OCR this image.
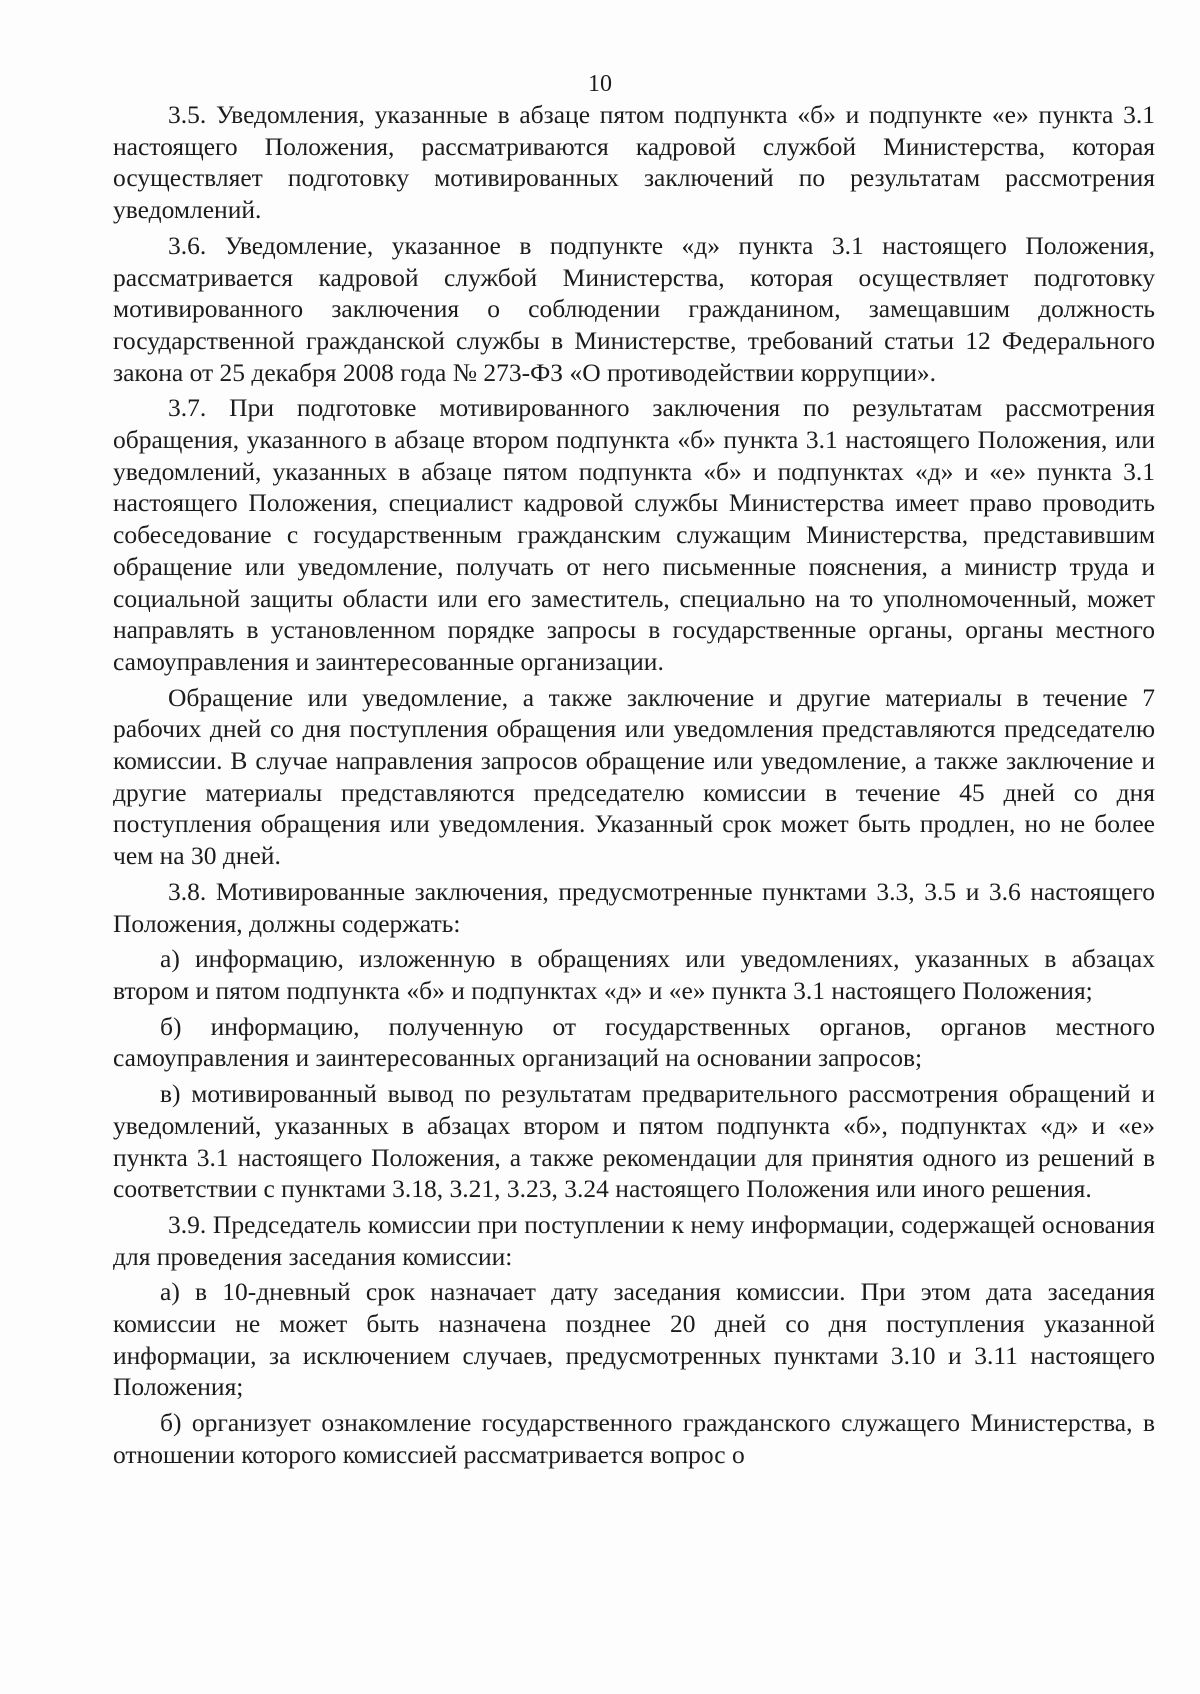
10

3.5. Уведомления, указанные в абзаце пятом подпункта «б» и подпункте «е» пункта 3.1 настоящего Положения, рассматриваются кадровой службой Министерства, которая осуществляет подготовку мотивированных заключений по результатам рассмотрения уведомлений.

3.6. Уведомление, указанное в подпункте «д» пункта 3.1 настоящего Положения, рассматривается кадровой службой Министерства, которая осуществляет подготовку мотивированного заключения о соблюдении гражданином, замещавшим должность государственной гражданской службы в Министерстве, требований статьи 12 Федерального закона от 25 декабря 2008 года № 273-ФЗ «О противодействии коррупции».

3.7. При подготовке мотивированного заключения по результатам рассмотрения обращения, указанного в абзаце втором подпункта «б» пункта 3.1 настоящего Положения, или уведомлений, указанных в абзаце пятом подпункта «б» и подпунктах «д» и «е» пункта 3.1 настоящего Положения, специалист кадровой службы Министерства имеет право проводить собеседование с государственным гражданским служащим Министерства, представившим обращение или уведомление, получать от него письменные пояснения, а министр труда и социальной защиты области или его заместитель, специально на то уполномоченный, может направлять в установленном порядке запросы в государственные органы, органы местного самоуправления и заинтересованные организации.

Обращение или уведомление, а также заключение и другие материалы в течение 7 рабочих дней со дня поступления обращения или уведомления представляются председателю комиссии. В случае направления запросов обращение или уведомление, а также заключение и другие материалы представляются председателю комиссии в течение 45 дней со дня поступления обращения или уведомления. Указанный срок может быть продлен, но не более чем на 30 дней.

3.8. Мотивированные заключения, предусмотренные пунктами 3.3, 3.5 и 3.6 настоящего Положения, должны содержать:

а) информацию, изложенную в обращениях или уведомлениях, указанных в абзацах втором и пятом подпункта «б» и подпунктах «д» и «е» пункта 3.1 настоящего Положения;

б) информацию, полученную от государственных органов, органов местного самоуправления и заинтересованных организаций на основании запросов;

в) мотивированный вывод по результатам предварительного рассмотрения обращений и уведомлений, указанных в абзацах втором и пятом подпункта «б», подпунктах «д» и «е» пункта 3.1 настоящего Положения, а также рекомендации для принятия одного из решений в соответствии с пунктами 3.18, 3.21, 3.23, 3.24 настоящего Положения или иного решения.

3.9. Председатель комиссии при поступлении к нему информации, содержащей основания для проведения заседания комиссии:

а) в 10-дневный срок назначает дату заседания комиссии. При этом дата заседания комиссии не может быть назначена позднее 20 дней со дня поступления указанной информации, за исключением случаев, предусмотренных пунктами 3.10 и 3.11 настоящего Положения;

б) организует ознакомление государственного гражданского служащего Министерства, в отношении которого комиссией рассматривается вопрос о
